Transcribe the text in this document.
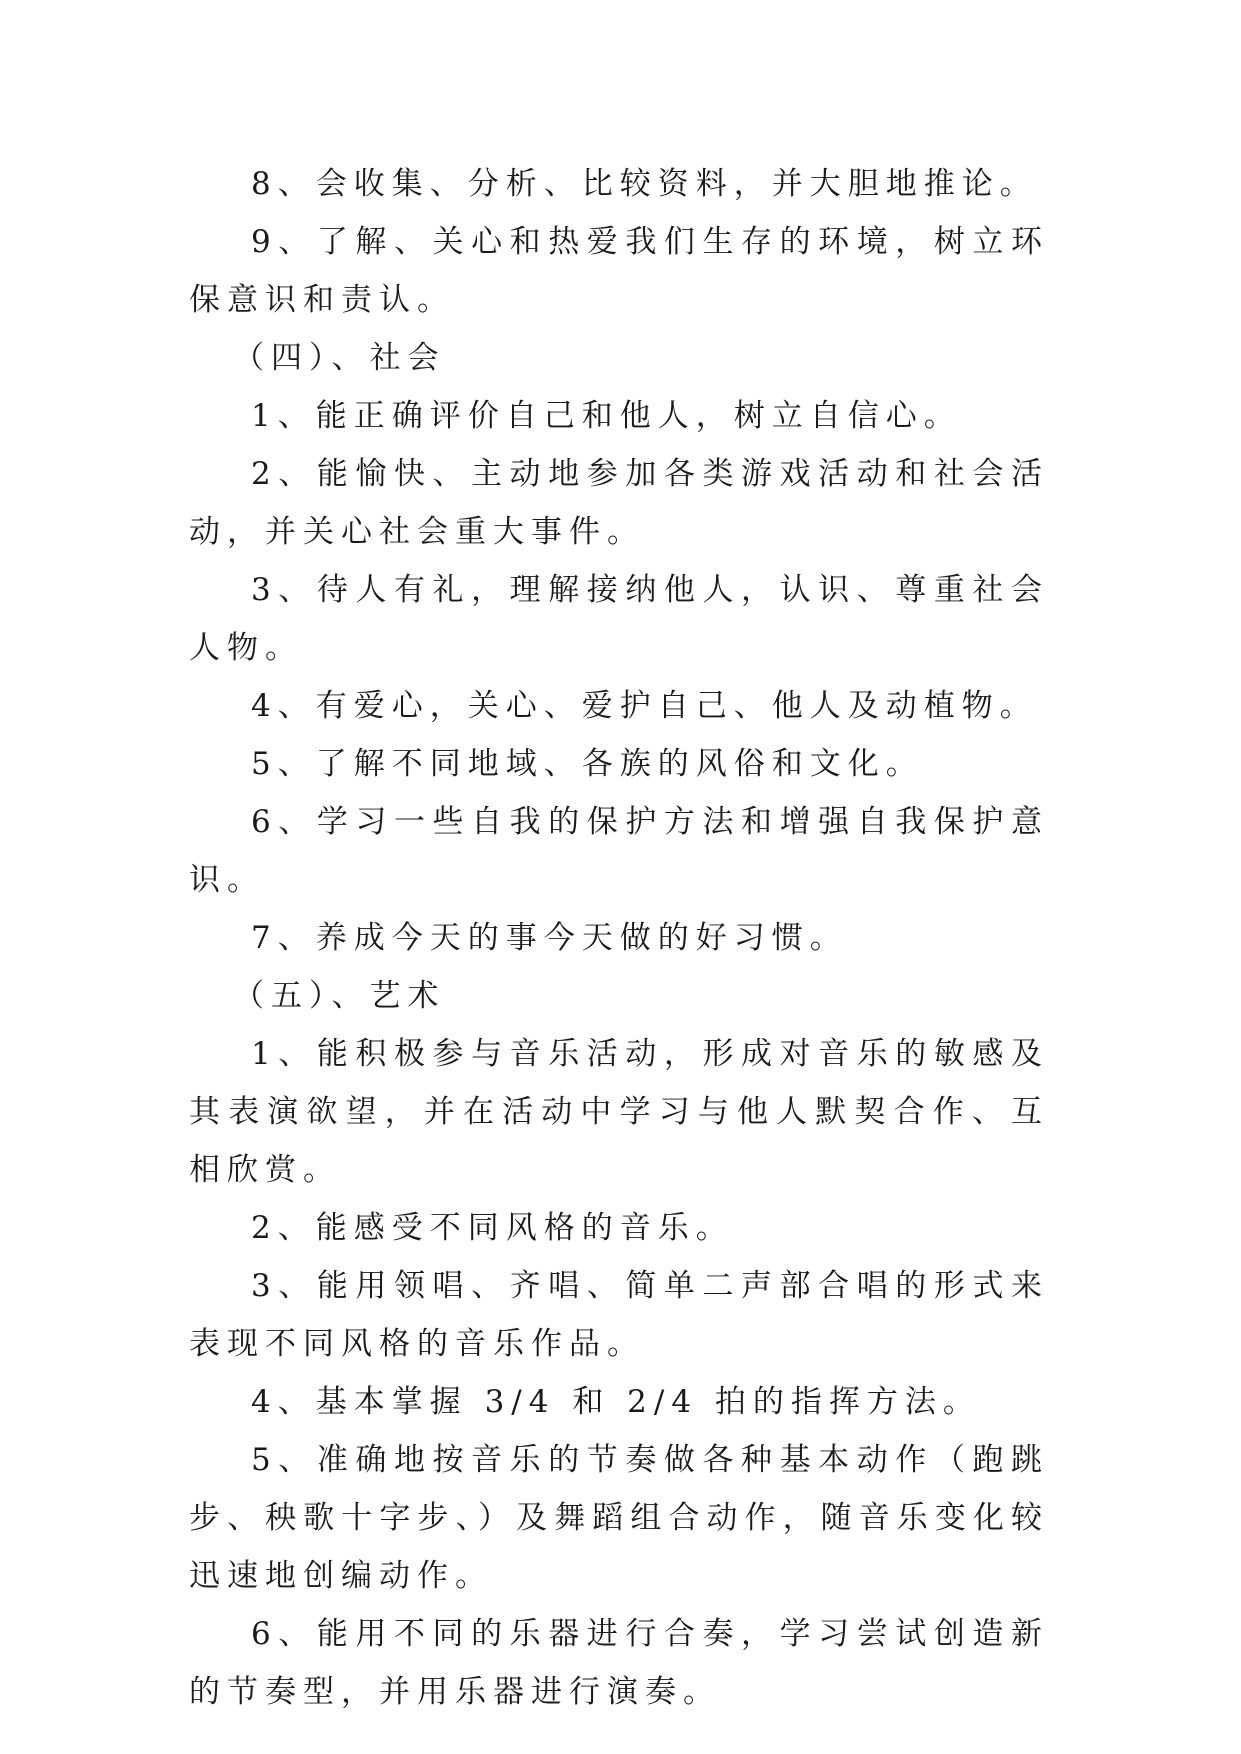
8、会收集、分析、比较资料，并大胆地推论。

9、了解、关心和热爱我们生存的环境，树立环保意识和责认。

（四）、社会

1、能正确评价自己和他人，树立自信心。

2、能愉快、主动地参加各类游戏活动和社会活动，并关心社会重大事件。

3、待人有礼，理解接纳他人，认识、尊重社会人物。

4、有爱心，关心、爱护自己、他人及动植物。

5、了解不同地域、各族的风俗和文化。

6、学习一些自我的保护方法和增强自我保护意识。

7、养成今天的事今天做的好习惯。

（五）、艺术

1、能积极参与音乐活动，形成对音乐的敏感及其表演欲望，并在活动中学习与他人默契合作、互相欣赏。

2、能感受不同风格的音乐。

3、能用领唱、齐唱、简单二声部合唱的形式来表现不同风格的音乐作品。

4、基本掌握 3/4 和 2/4 拍的指挥方法。

5、准确地按音乐的节奏做各种基本动作（跑跳步、秧歌十字步、）及舞蹈组合动作，随音乐变化较迅速地创编动作。

6、能用不同的乐器进行合奏，学习尝试创造新的节奏型，并用乐器进行演奏。
